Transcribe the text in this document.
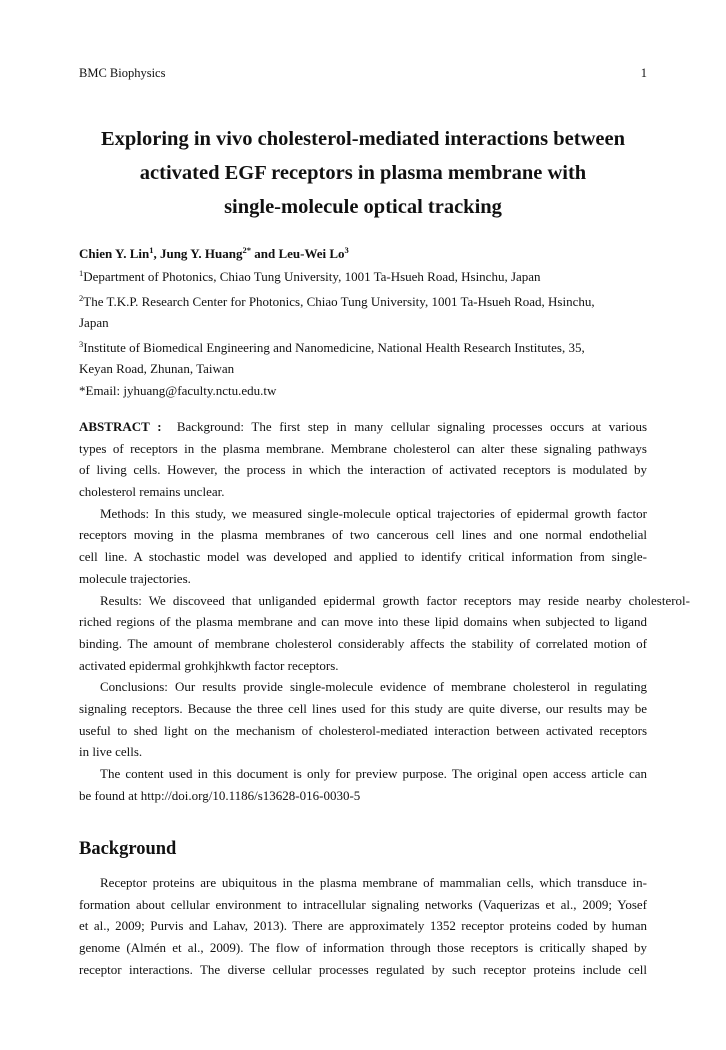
BMC Biophysics	1
Exploring in vivo cholesterol-mediated interactions between
activated EGF receptors in plasma membrane with
single-molecule optical tracking
Chien Y. Lin$^1$, Jung Y. Huang$^{2*}$ and Leu-Wei Lo$^3$
$^1$Department of Photonics, Chiao Tung University, 1001 Ta-Hsueh Road, Hsinchu, Japan
$^2$The T.K.P. Research Center for Photonics, Chiao Tung University, 1001 Ta-Hsueh Road, Hsinchu,
Japan
$^3$Institute of Biomedical Engineering and Nanomedicine, National Health Research Institutes, 35,
Keyan Road, Zhunan, Taiwan
*Email: jyhuang@faculty.nctu.edu.tw
ABSTRACT : Background: The first step in many cellular signaling processes occurs at various
types of receptors in the plasma membrane. Membrane cholesterol can alter these signaling pathways
of living cells. However, the process in which the interaction of activated receptors is modulated by
cholesterol remains unclear.
Methods: In this study, we measured single-molecule optical trajectories of epidermal growth factor
receptors moving in the plasma membranes of two cancerous cell lines and one normal endothelial
cell line. A stochastic model was developed and applied to identify critical information from single-
molecule trajectories.
Results: We discoveed that unliganded epidermal growth factor receptors may reside nearby cholesterol-
riched regions of the plasma membrane and can move into these lipid domains when subjected to ligand
binding. The amount of membrane cholesterol considerably affects the stability of correlated motion of
activated epidermal grohkjhkwth factor receptors.
Conclusions: Our results provide single-molecule evidence of membrane cholesterol in regulating
signaling receptors. Because the three cell lines used for this study are quite diverse, our results may be
useful to shed light on the mechanism of cholesterol-mediated interaction between activated receptors
in live cells.
The content used in this document is only for preview purpose. The original open access article can
be found at http://doi.org/10.1186/s13628-016-0030-5
Background
Receptor proteins are ubiquitous in the plasma membrane of mammalian cells, which transduce in-
formation about cellular environment to intracellular signaling networks (Vaquerizas et al., 2009; Yosef
et al., 2009; Purvis and Lahav, 2013). There are approximately 1352 receptor proteins coded by human
genome (Almén et al., 2009). The flow of information through those receptors is critically shaped by
receptor interactions. The diverse cellular processes regulated by such receptor proteins include cell
